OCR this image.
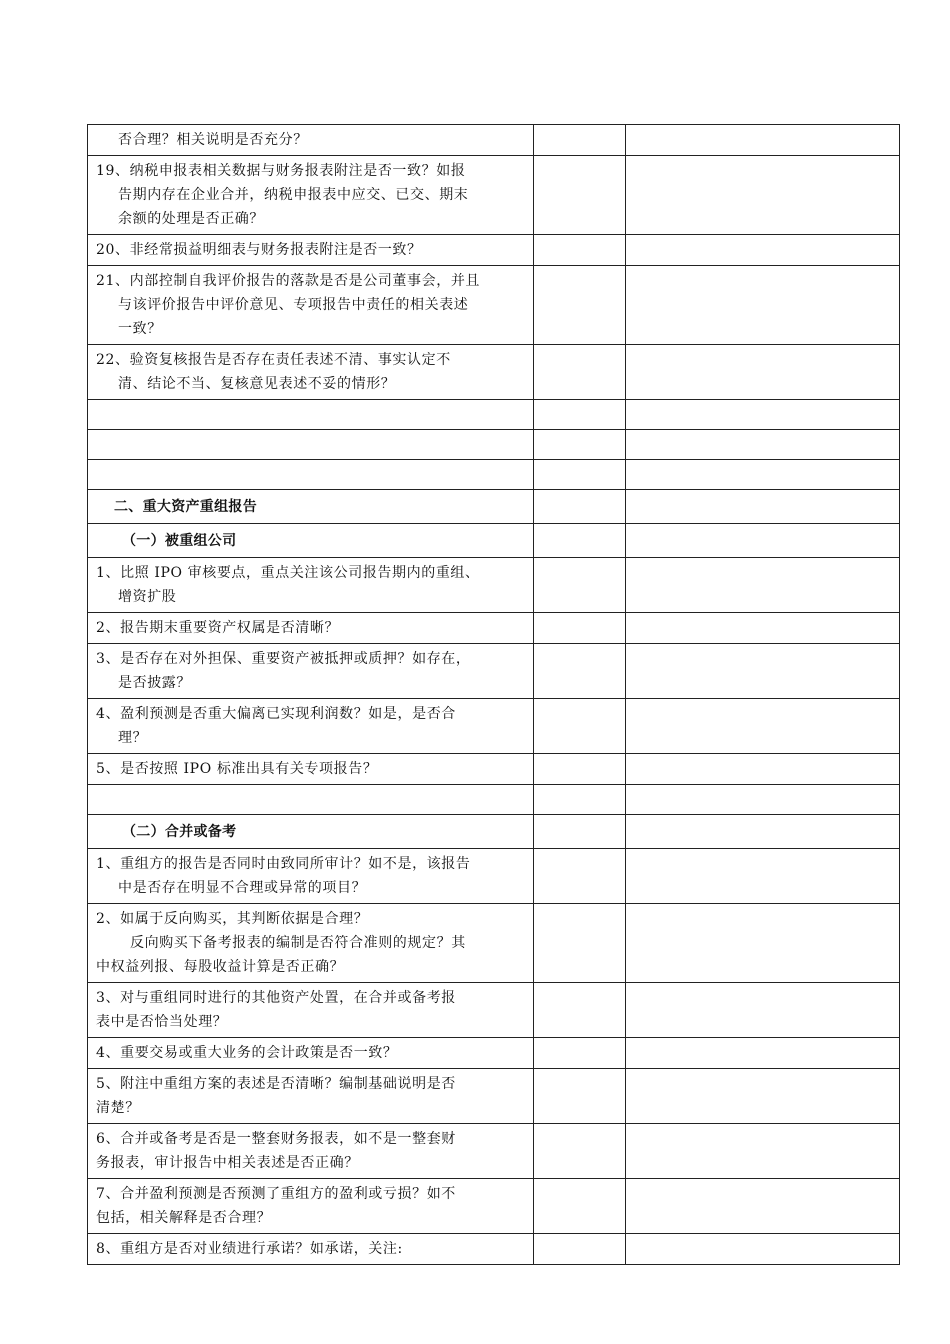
否合理？相关说明是否充分？		

19、纳税申报表相关数据与财务报表附注是否一致？如报
告期内存在企业合并，纳税申报表中应交、已交、期末
余额的处理是否正确？		

20、非经常损益明细表与财务报表附注是否一致？		

21、内部控制自我评价报告的落款是否是公司董事会，并且
与该评价报告中评价意见、专项报告中责任的相关表述
一致？		

22、验资复核报告是否存在责任表述不清、事实认定不
清、结论不当、复核意见表述不妥的情形？		

二、重大资产重组报告		

（一）被重组公司		

1、比照 IPO 审核要点，重点关注该公司报告期内的重组、
增资扩股		

2、报告期末重要资产权属是否清晰？		

3、是否存在对外担保、重要资产被抵押或质押？如存在，
是否披露？		

4、盈利预测是否重大偏离已实现利润数？如是，是否合
理？		

5、是否按照 IPO 标准出具有关专项报告？		

（二）合并或备考		

1、重组方的报告是否同时由致同所审计？如不是，该报告
中是否存在明显不合理或异常的项目？		

2、如属于反向购买，其判断依据是合理？
反向购买下备考报表的编制是否符合准则的规定？其
中权益列报、每股收益计算是否正确？		

3、对与重组同时进行的其他资产处置，在合并或备考报
表中是否恰当处理？		

4、重要交易或重大业务的会计政策是否一致？		

5、附注中重组方案的表述是否清晰？编制基础说明是否
清楚？		

6、合并或备考是否是一整套财务报表，如不是一整套财
务报表，审计报告中相关表述是否正确？		

7、合并盈利预测是否预测了重组方的盈利或亏损？如不
包括，相关解释是否合理？		

8、重组方是否对业绩进行承诺？如承诺，关注:		
